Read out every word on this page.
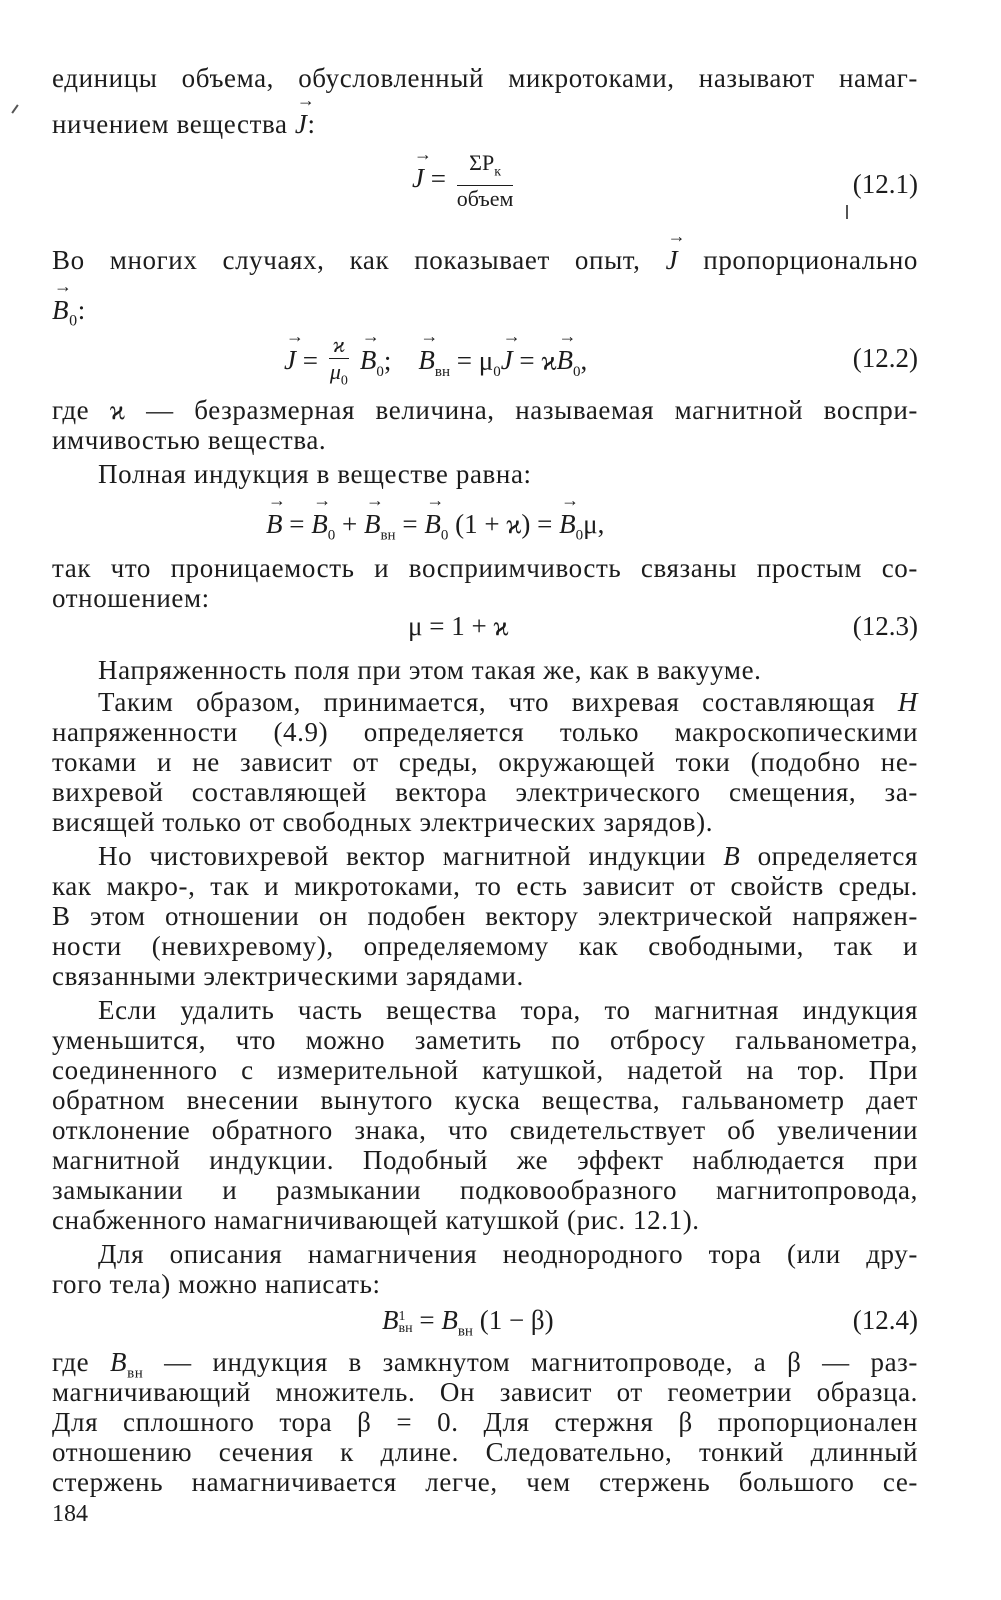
единицы объема, обусловленный микротоками, называют намаг-
ничением вещества → J:
→ $J = \frac{\Sigma P_к}{\text{объем}}$	(12.1)
Во многих случаях, как показывает опыт, → J пропорционально
→ $B_0$:
→ $J = \frac{ϰ}{\mu_0}$
→ $B_0$;    → $B_{вн} = \mu_0\to J = ϰ\to B_0$,	(12.2)
где ϰ — безразмерная величина, называемая магнитной воспри-
имчивостью вещества.
Полная индукция в веществе равна:
→ B = → $B_0$ + → $B_{вн}$ = → $B_0$ (1 + ϰ) = → $B_0\mu$,
так что проницаемость и восприимчивость связаны простым со-
отношением:
μ = 1 + ϰ	(12.3)
Напряженность поля при этом такая же, как в вакууме.
Таким образом, принимается, что вихревая составляющая H
напряженности (4.9) определяется только макроскопическими
токами и не зависит от среды, окружающей токи (подобно не-
вихревой составляющей вектора электрического смещения, за-
висящей только от свободных электрических зарядов).
Но чистовихревой вектор магнитной индукции B определяется
как макро-, так и микротоками, то есть зависит от свойств среды.
В этом отношении он подобен вектору электрической напряжен-
ности (невихревому), определяемому как свободными, так и
связанными электрическими зарядами.
Если удалить часть вещества тора, то магнитная индукция
уменьшится, что можно заметить по отбросу гальванометра,
соединенного с измерительной катушкой, надетой на тор. При
обратном внесении вынутого куска вещества, гальванометр дает
отклонение обратного знака, что свидетельствует об увеличении
магнитной индукции. Подобный же эффект наблюдается при
замыкании и размыкании подковообразного магнитопровода,
снабженного намагничивающей катушкой (рис. 12.1).
Для описания намагничения неоднородного тора (или дру-
гого тела) можно написать:
B 1
вн = $B_{вн}$ (1 − β)	(12.4)
где $B_{вн}$ — индукция в замкнутом магнитопроводе, а β — раз-
магничивающий множитель. Он зависит от геометрии образца.
Для сплошного тора β = 0. Для стержня β пропорционален
отношению сечения к длине. Следовательно, тонкий длинный
стержень намагничивается легче, чем стержень большого се-
184
